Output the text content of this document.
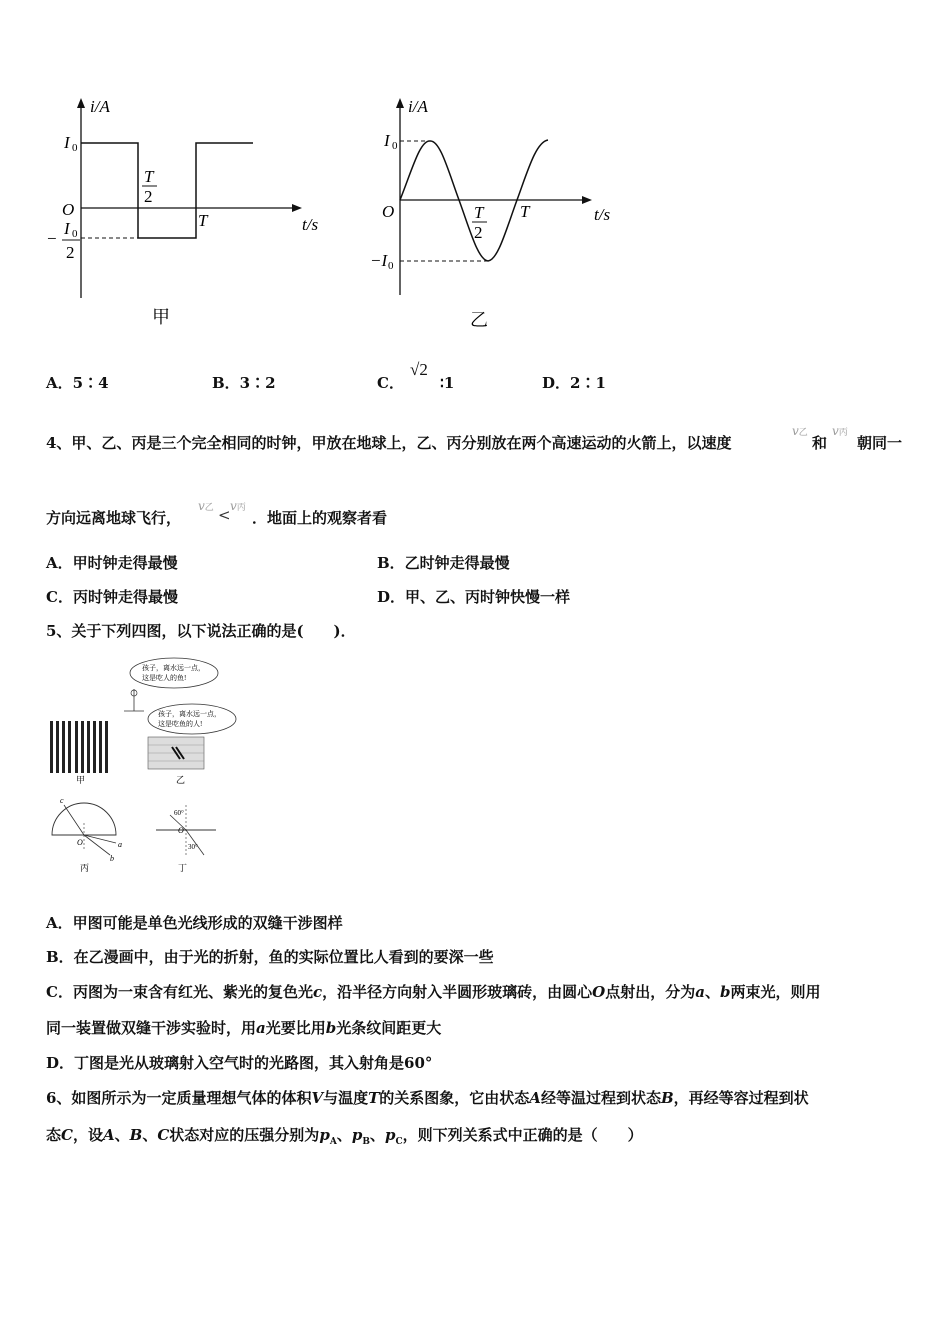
i/A
t/s
O
I 0
−
I 0
2
T
2
T
甲
i/A
t/s
O
I 0
−I 0
T
2
T
乙
A．5∶4	B．3∶2	C．
√2
∶1	D．2∶1
4、甲、乙、丙是三个完全相同的时钟，甲放在地球上，乙、丙分别放在两个高速运动的火箭上，以速度
v乙
和
v丙
朝同一
方向远离地球飞行，
v乙 < v丙
．地面上的观察者看
A．甲时钟走得最慢	B．乙时钟走得最慢
C．丙时钟走得最慢	D．甲、乙、丙时钟快慢一样
5、关于下列四图，以下说法正确的是(　　)．
甲
孩子，离水远一点，
这是吃人的鱼!
孩子，离水远一点，
这是吃鱼的人!
乙
c
O	a
b
丙
60°
O
30°
丁
A．甲图可能是单色光线形成的双缝干涉图样
B．在乙漫画中，由于光的折射，鱼的实际位置比人看到的要深一些
C．丙图为一束含有红光、紫光的复色光c，沿半径方向射入半圆形玻璃砖，由圆心O点射出，分为a、b两束光，则用
同一装置做双缝干涉实验时，用a光要比用b光条纹间距更大
D．丁图是光从玻璃射入空气时的光路图，其入射角是60°
6、如图所示为一定质量理想气体的体积V与温度T的关系图象，它由状态A经等温过程到状态B，再经等容过程到状
态C，设A、B、C状态对应的压强分别为$p_A$、$p_B$、$p_C$，则下列关系式中正确的是（　　）
